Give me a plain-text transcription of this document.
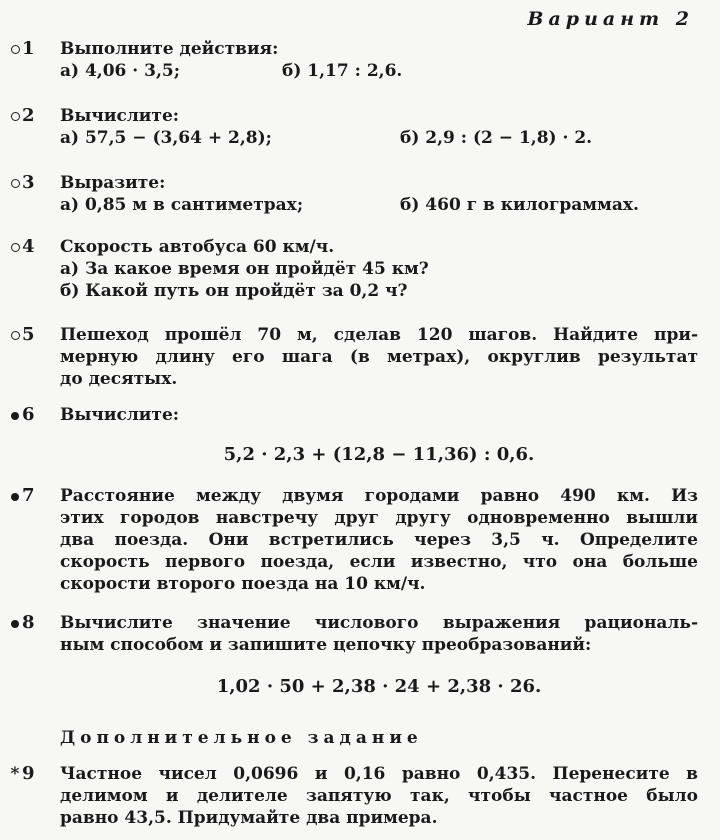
Вариант 2
1 Выполните действия:
а) 4,06 · 3,5;	б) 1,17 : 2,6.
2 Вычислите:
а) 57,5 − (3,64 + 2,8);	б) 2,9 : (2 − 1,8) · 2.
3 Выразите:
а) 0,85 м в сантиметрах;	б) 460 г в килограммах.
4 Скорость автобуса 60 км/ч.
а) За какое время он пройдёт 45 км?
б) Какой путь он пройдёт за 0,2 ч?
5 Пешеход прошёл 70 м, сделав 120 шагов. Найдите при-
мерную длину его шага (в метрах), округлив результат
до десятых.
6 Вычислите:
5,2 · 2,3 + (12,8 − 11,36) : 0,6.
7 Расстояние между двумя городами равно 490 км. Из
этих городов навстречу друг другу одновременно вышли
два поезда. Они встретились через 3,5 ч. Определите
скорость первого поезда, если известно, что она больше
скорости второго поезда на 10 км/ч.
8 Вычислите значение числового выражения рациональ-
ным способом и запишите цепочку преобразований:
1,02 · 50 + 2,38 · 24 + 2,38 · 26.
Дополнительное задание
* 9 Частное чисел 0,0696 и 0,16 равно 0,435. Перенесите в
делимом и делителе запятую так, чтобы частное было
равно 43,5. Придумайте два примера.
